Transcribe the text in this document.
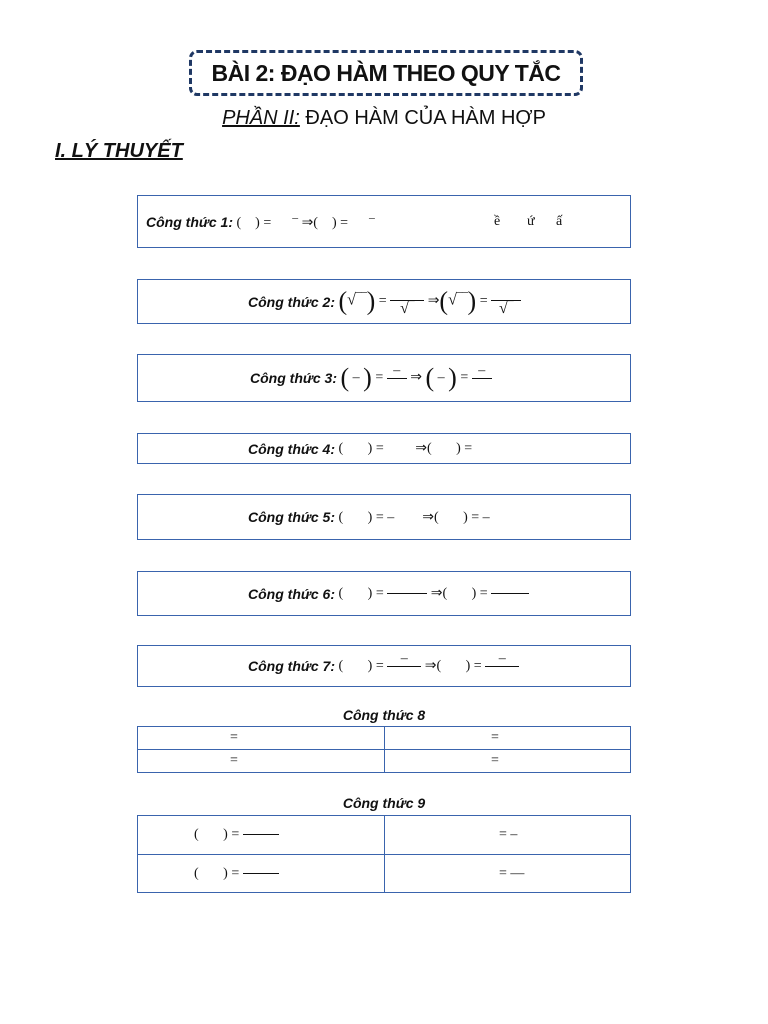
BÀI 2: ĐẠO HÀM THEO QUY TẮC
PHẦN II: ĐẠO HÀM CỦA HÀM HỢP
I. LÝ THUYẾT
Công thức 1: (    ) =      – ⇒(    ) =      –	ề ứ ấ
Công thức 2: (√‾‾) =
√‾ ⇒(√‾‾) =
√‾
Công thức 3: ( – ) = –
⇒ ( – ) = –

Công thức 4: (       ) =         ⇒(       ) =
Công thức 5: (       ) = –        ⇒(       ) = –
Công thức 6: (       ) =	⇒(       ) =
Công thức 7: (       ) = –
⇒(       ) = –

Công thức 8
=	=
=	=
Công thức 9
(       ) =	= –
(       ) =	= —
